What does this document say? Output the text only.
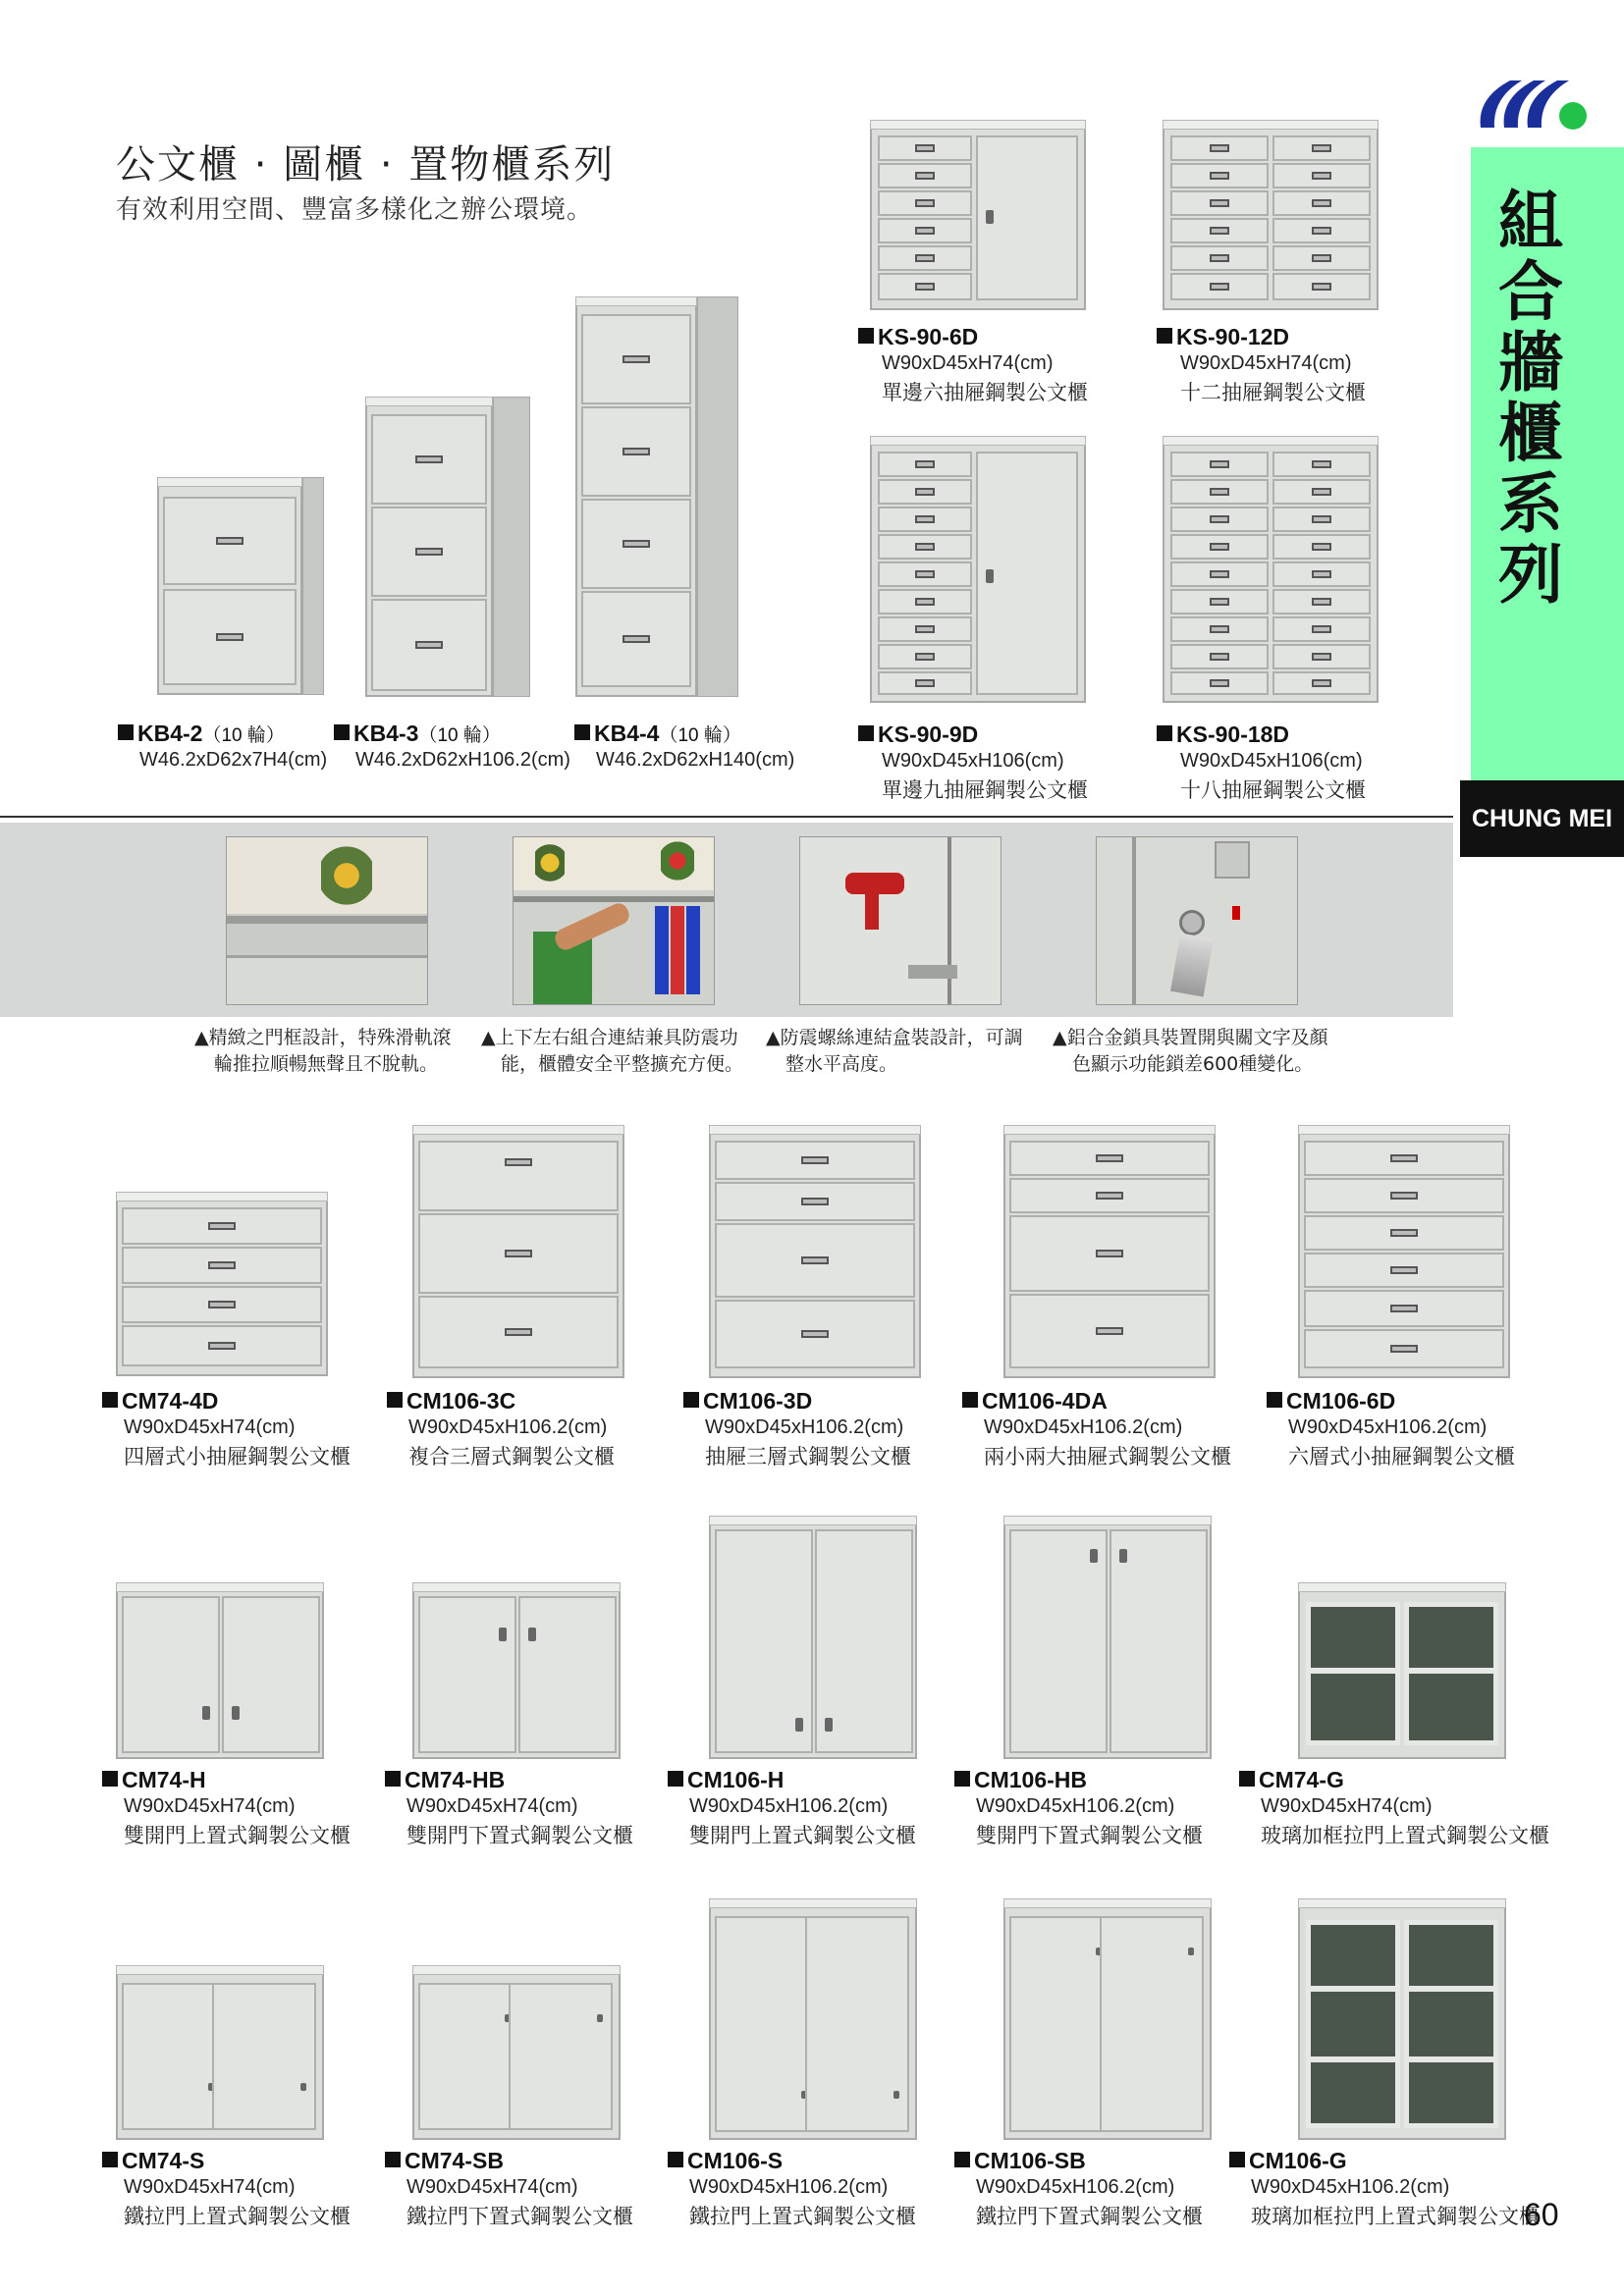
組合牆櫃系列
CHUNG MEI
公文櫃 · 圖櫃 · 置物櫃系列
有效利用空間、豐富多樣化之辦公環境。
KB4-2（10 輪）
W46.2xD62x7H4(cm)
KB4-3（10 輪）
W46.2xD62xH106.2(cm)
KB4-4（10 輪）
W46.2xD62xH140(cm)
KS-90-6D
W90xD45xH74(cm)
單邊六抽屜鋼製公文櫃
KS-90-12D
W90xD45xH74(cm)
十二抽屜鋼製公文櫃
KS-90-9D
W90xD45xH106(cm)
單邊九抽屜鋼製公文櫃
KS-90-18D
W90xD45xH106(cm)
十八抽屜鋼製公文櫃
▲精緻之門框設計，特殊滑軌滾
輪推拉順暢無聲且不脫軌。
▲上下左右組合連結兼具防震功
能，櫃體安全平整擴充方便。
▲防震螺絲連結盒裝設計，可調
整水平高度。
▲鋁合金鎖具裝置開與關文字及顏
色顯示功能鎖差600種變化。
CM74-4D
W90xD45xH74(cm)
四層式小抽屜鋼製公文櫃
CM106-3C
W90xD45xH106.2(cm)
複合三層式鋼製公文櫃
CM106-3D
W90xD45xH106.2(cm)
抽屜三層式鋼製公文櫃
CM106-4DA
W90xD45xH106.2(cm)
兩小兩大抽屜式鋼製公文櫃
CM106-6D
W90xD45xH106.2(cm)
六層式小抽屜鋼製公文櫃
CM74-H
W90xD45xH74(cm)
雙開門上置式鋼製公文櫃
CM74-HB
W90xD45xH74(cm)
雙開門下置式鋼製公文櫃
CM106-H
W90xD45xH106.2(cm)
雙開門上置式鋼製公文櫃
CM106-HB
W90xD45xH106.2(cm)
雙開門下置式鋼製公文櫃
CM74-G
W90xD45xH74(cm)
玻璃加框拉門上置式鋼製公文櫃
CM74-S
W90xD45xH74(cm)
鐵拉門上置式鋼製公文櫃
CM74-SB
W90xD45xH74(cm)
鐵拉門下置式鋼製公文櫃
CM106-S
W90xD45xH106.2(cm)
鐵拉門上置式鋼製公文櫃
CM106-SB
W90xD45xH106.2(cm)
鐵拉門下置式鋼製公文櫃
CM106-G
W90xD45xH106.2(cm)
玻璃加框拉門上置式鋼製公文櫃
60
